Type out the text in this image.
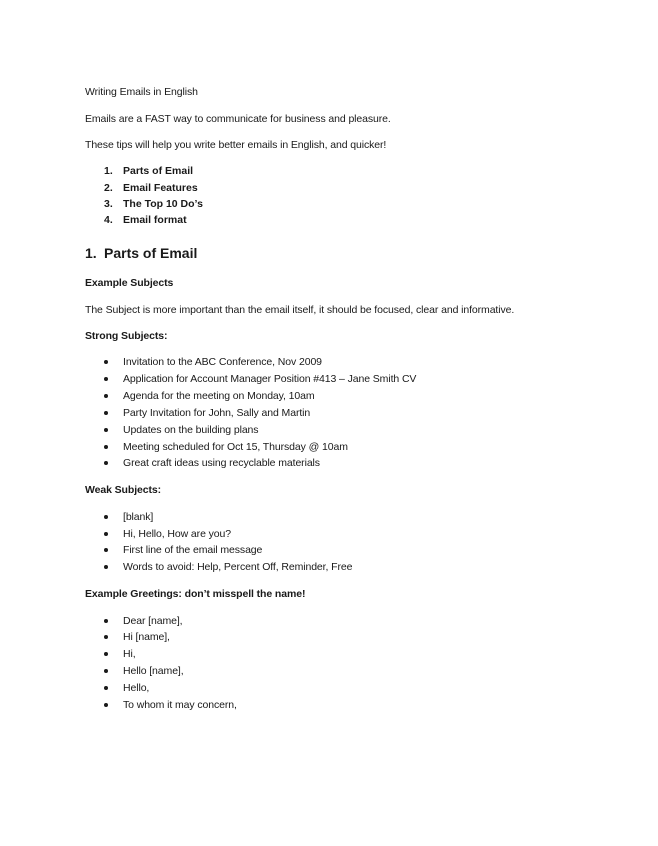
Writing Emails in English
Emails are a FAST way to communicate for business and pleasure.
These tips will help you write better emails in English, and quicker!
1. Parts of Email
2. Email Features
3. The Top 10 Do’s
4. Email format
1. Parts of Email
Example Subjects
The Subject is more important than the email itself, it should be focused, clear and informative.
Strong Subjects:
Invitation to the ABC Conference, Nov 2009
Application for Account Manager Position #413 – Jane Smith CV
Agenda for the meeting on Monday, 10am
Party Invitation for John, Sally and Martin
Updates on the building plans
Meeting scheduled for Oct 15, Thursday @ 10am
Great craft ideas using recyclable materials
Weak Subjects:
[blank]
Hi, Hello, How are you?
First line of the email message
Words to avoid: Help, Percent Off, Reminder, Free
Example Greetings: don’t misspell the name!
Dear [name],
Hi [name],
Hi,
Hello [name],
Hello,
To whom it may concern,
